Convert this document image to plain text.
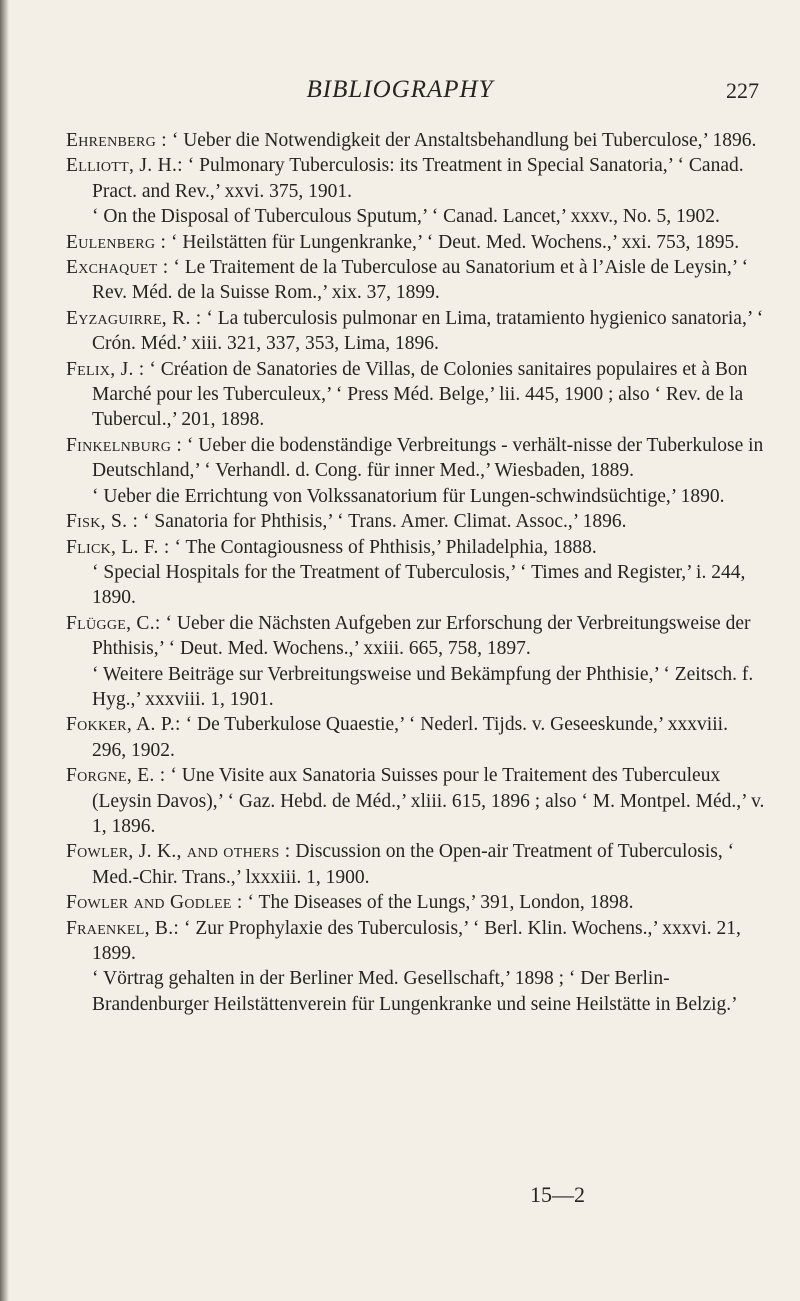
BIBLIOGRAPHY	227

Ehrenberg : ‘ Ueber die Notwendigkeit der Anstaltsbehandlung bei Tuberculose,’ 1896.

Elliott, J. H.: ‘ Pulmonary Tuberculosis: its Treatment in Special Sanatoria,’ ‘ Canad. Pract. and Rev.,’ xxvi. 375, 1901.

‘ On the Disposal of Tuberculous Sputum,’ ‘ Canad. Lancet,’ xxxv., No. 5, 1902.

Eulenberg : ‘ Heilstätten für Lungenkranke,’ ‘ Deut. Med. Wochens.,’ xxi. 753, 1895.

Exchaquet : ‘ Le Traitement de la Tuberculose au Sanatorium et à l’Aisle de Leysin,’ ‘ Rev. Méd. de la Suisse Rom.,’ xix. 37, 1899.

Eyzaguirre, R. : ‘ La tuberculosis pulmonar en Lima, tratamiento hygienico sanatoria,’ ‘ Crón. Méd.’ xiii. 321, 337, 353, Lima, 1896.

Felix, J. : ‘ Création de Sanatories de Villas, de Colonies sanitaires populaires et à Bon Marché pour les Tuberculeux,’ ‘ Press Méd. Belge,’ lii. 445, 1900 ; also ‘ Rev. de la Tubercul.,’ 201, 1898.

Finkelnburg : ‘ Ueber die bodenständige Verbreitungs - verhält-nisse der Tuberkulose in Deutschland,’ ‘ Verhandl. d. Cong. für inner Med.,’ Wiesbaden, 1889.

‘ Ueber die Errichtung von Volkssanatorium für Lungen-schwindsüchtige,’ 1890.

Fisk, S. : ‘ Sanatoria for Phthisis,’ ‘ Trans. Amer. Climat. Assoc.,’ 1896.

Flick, L. F. : ‘ The Contagiousness of Phthisis,’ Philadelphia, 1888.

‘ Special Hospitals for the Treatment of Tuberculosis,’ ‘ Times and Register,’ i. 244, 1890.

Flügge, C.: ‘ Ueber die Nächsten Aufgeben zur Erforschung der Verbreitungsweise der Phthisis,’ ‘ Deut. Med. Wochens.,’ xxiii. 665, 758, 1897.

‘ Weitere Beiträge sur Verbreitungsweise und Bekämpfung der Phthisie,’ ‘ Zeitsch. f. Hyg.,’ xxxviii. 1, 1901.

Fokker, A. P.: ‘ De Tuberkulose Quaestie,’ ‘ Nederl. Tijds. v. Geseeskunde,’ xxxviii. 296, 1902.

Forgne, E. : ‘ Une Visite aux Sanatoria Suisses pour le Traitement des Tuberculeux (Leysin Davos),’ ‘ Gaz. Hebd. de Méd.,’ xliii. 615, 1896 ; also ‘ M. Montpel. Méd.,’ v. 1, 1896.

Fowler, J. K., and others : Discussion on the Open-air Treatment of Tuberculosis, ‘ Med.-Chir. Trans.,’ lxxxiii. 1, 1900.

Fowler and Godlee : ‘ The Diseases of the Lungs,’ 391, London, 1898.

Fraenkel, B.: ‘ Zur Prophylaxie des Tuberculosis,’ ‘ Berl. Klin. Wochens.,’ xxxvi. 21, 1899.

‘ Vörtrag gehalten in der Berliner Med. Gesellschaft,’ 1898 ; ‘ Der Berlin-Brandenburger Heilstättenverein für Lungenkranke und seine Heilstätte in Belzig.’

15—2
